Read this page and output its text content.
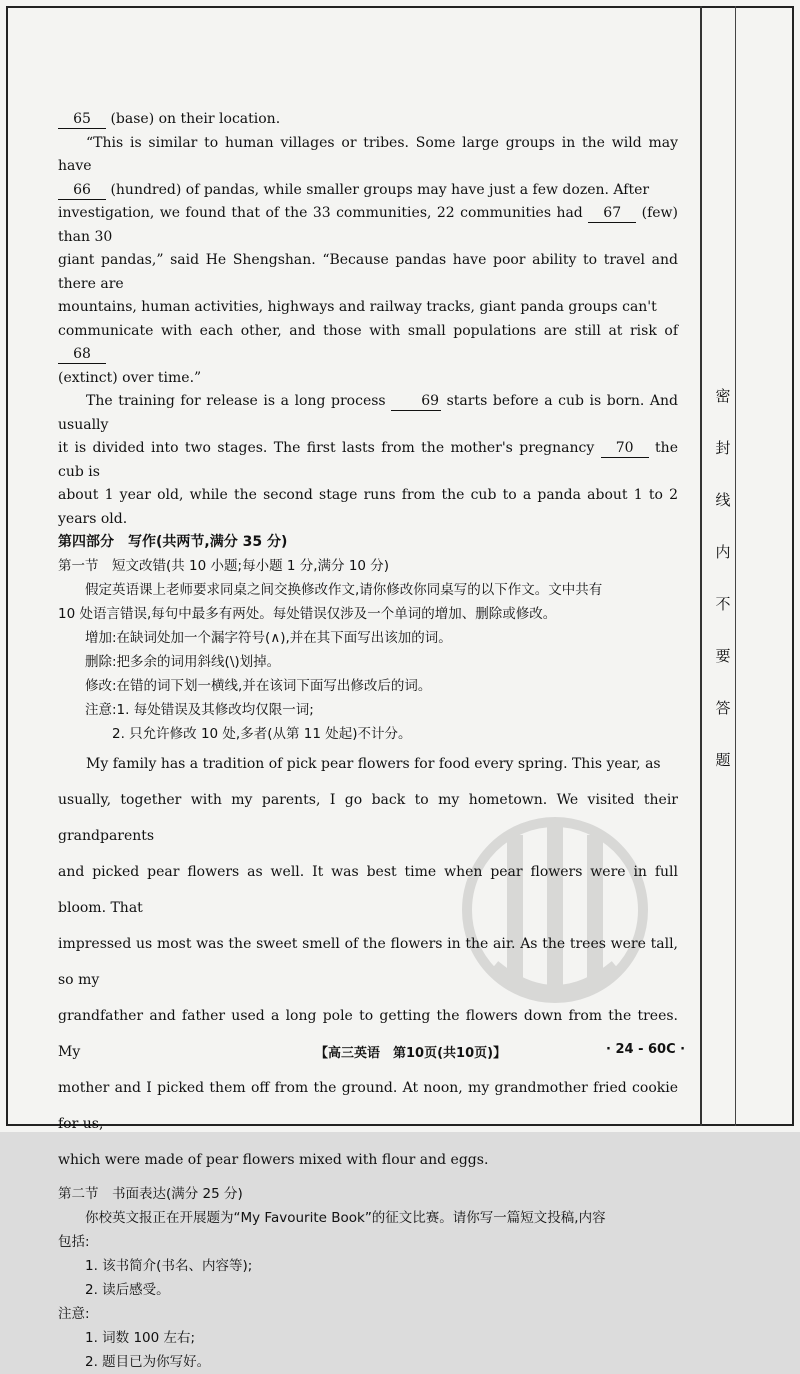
密
封
线
内
不
要
答
题

65 (base) on their location.

“This is similar to human villages or tribes. Some large groups in the wild may have

66 (hundred) of pandas, while smaller groups may have just a few dozen. After

investigation, we found that of the 33 communities, 22 communities had 67 (few) than 30

giant pandas,” said He Shengshan. “Because pandas have poor ability to travel and there are

mountains, human activities, highways and railway tracks, giant panda groups can't

communicate with each other, and those with small populations are still at risk of 68

(extinct) over time.”

The training for release is a long process 69 starts before a cub is born. And usually

it is divided into two stages. The first lasts from the mother's pregnancy 70 the cub is

about 1 year old, while the second stage runs from the cub to a panda about 1 to 2 years old.

第四部分　写作(共两节,满分 35 分)

第一节　短文改错(共 10 小题;每小题 1 分,满分 10 分)

假定英语课上老师要求同桌之间交换修改作文,请你修改你同桌写的以下作文。文中共有

10 处语言错误,每句中最多有两处。每处错误仅涉及一个单词的增加、删除或修改。

增加:在缺词处加一个漏字符号(∧),并在其下面写出该加的词。

删除:把多余的词用斜线(\)划掉。

修改:在错的词下划一横线,并在该词下面写出修改后的词。

注意:1. 每处错误及其修改均仅限一词;

2. 只允许修改 10 处,多者(从第 11 处起)不计分。

My family has a tradition of pick pear flowers for food every spring. This year, as

usually, together with my parents, I go back to my hometown. We visited their grandparents

and picked pear flowers as well. It was best time when pear flowers were in full bloom. That

impressed us most was the sweet smell of the flowers in the air. As the trees were tall, so my

grandfather and father used a long pole to getting the flowers down from the trees. My

mother and I picked them off from the ground. At noon, my grandmother fried cookie for us,

which were made of pear flowers mixed with flour and eggs.

第二节　书面表达(满分 25 分)

你校英文报正在开展题为“My Favourite Book”的征文比赛。请你写一篇短文投稿,内容

包括:

1. 该书简介(书名、内容等);

2. 读后感受。

注意:

1. 词数 100 左右;

2. 题目已为你写好。

【高三英语　第10页(共10页)】	· 24 - 60C ·
